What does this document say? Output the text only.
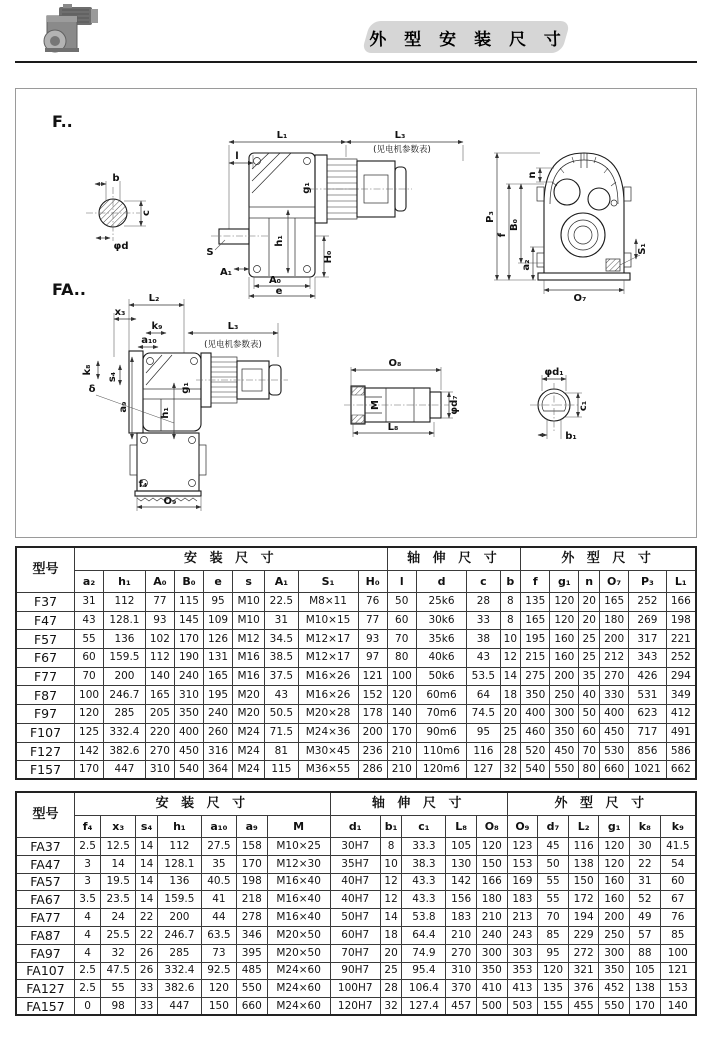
外 型 安 装 尺 寸
F..
b
c
φd
L₁	L₃
(见电机参数表)
l
h₁
g₁
S
A₁
H₀
A₀
e
P₃
f
B₀
a₂
n
S₁
O₇
FA..	L₂
x₃
k₉
a₁₀
L₃
(见电机参数表)
k₈
s₄
δ
a₉
h₁
g₁
f₄
O₉
O₈
M
L₈
φd₇
φd₁
c₁
b₁
型号	安 装 尺 寸									轴 伸 尺 寸				外 型 尺 寸					
	a₂	h₁	A₀	B₀	e	s	A₁	S₁	H₀	l	d	c	b	f	g₁	n	O₇	P₃	L₁
F37	31	112	77	115	95	M10	22.5	M8×11	76	50	25k6	28	8	135	120	20	165	252	166
F47	43	128.1	93	145	109	M10	31	M10×15	77	60	30k6	33	8	165	120	20	180	269	198
F57	55	136	102	170	126	M12	34.5	M12×17	93	70	35k6	38	10	195	160	25	200	317	221
F67	60	159.5	112	190	131	M16	38.5	M12×17	97	80	40k6	43	12	215	160	25	212	343	252
F77	70	200	140	240	165	M16	37.5	M16×26	121	100	50k6	53.5	14	275	200	35	270	426	294
F87	100	246.7	165	310	195	M20	43	M16×26	152	120	60m6	64	18	350	250	40	330	531	349
F97	120	285	205	350	240	M20	50.5	M20×28	178	140	70m6	74.5	20	400	300	50	400	623	412
F107	125	332.4	220	400	260	M24	71.5	M24×36	200	170	90m6	95	25	460	350	60	450	717	491
F127	142	382.6	270	450	316	M24	81	M30×45	236	210	110m6	116	28	520	450	70	530	856	586
F157	170	447	310	540	364	M24	115	M36×55	286	210	120m6	127	32	540	550	80	660	1021	662
型号	安 装 尺 寸							轴 伸 尺 寸					外 型 尺 寸					
	f₄	x₃	s₄	h₁	a₁₀	a₉	M	d₁	b₁	c₁	L₈	O₈	O₉	d₇	L₂	g₁	k₈	k₉
FA37	2.5	12.5	14	112	27.5	158	M10×25	30H7	8	33.3	105	120	123	45	116	120	30	41.5
FA47	3	14	14	128.1	35	170	M12×30	35H7	10	38.3	130	150	153	50	138	120	22	54
FA57	3	19.5	14	136	40.5	198	M16×40	40H7	12	43.3	142	166	169	55	150	160	31	60
FA67	3.5	23.5	14	159.5	41	218	M16×40	40H7	12	43.3	156	180	183	55	172	160	52	67
FA77	4	24	22	200	44	278	M16×40	50H7	14	53.8	183	210	213	70	194	200	49	76
FA87	4	25.5	22	246.7	63.5	346	M20×50	60H7	18	64.4	210	240	243	85	229	250	57	85
FA97	4	32	26	285	73	395	M20×50	70H7	20	74.9	270	300	303	95	272	300	88	100
FA107	2.5	47.5	26	332.4	92.5	485	M24×60	90H7	25	95.4	310	350	353	120	321	350	105	121
FA127	2.5	55	33	382.6	120	550	M24×60	100H7	28	106.4	370	410	413	135	376	452	138	153
FA157	0	98	33	447	150	660	M24×60	120H7	32	127.4	457	500	503	155	455	550	170	140
